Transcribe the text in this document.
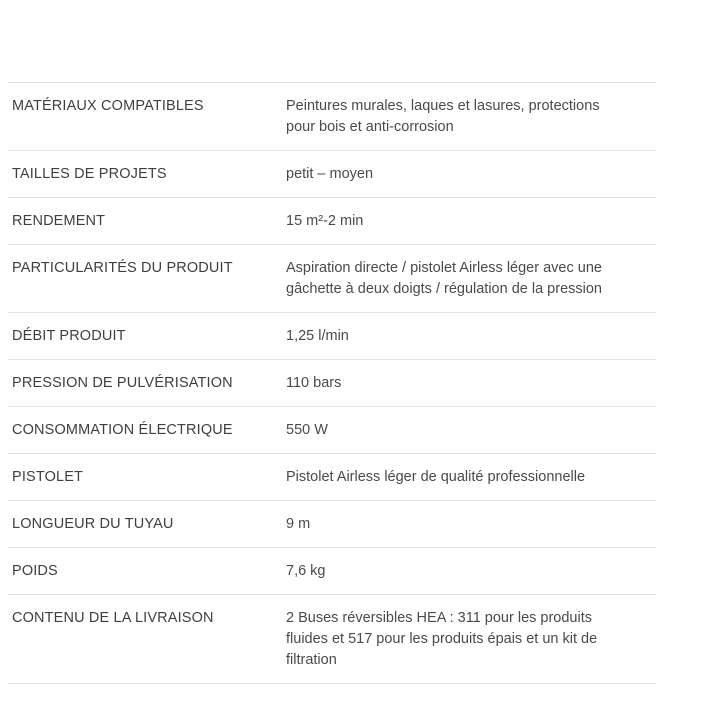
MATÉRIAUX COMPATIBLES	Peintures murales, laques et lasures, protections
pour bois et anti-corrosion

TAILLES DE PROJETS	petit – moyen

RENDEMENT	15 m²-2 min

PARTICULARITÉS DU PRODUIT	Aspiration directe / pistolet Airless léger avec une
gâchette à deux doigts / régulation de la pression

DÉBIT PRODUIT	1,25 l/min

PRESSION DE PULVÉRISATION	110 bars

CONSOMMATION ÉLECTRIQUE	550 W

PISTOLET	Pistolet Airless léger de qualité professionnelle

LONGUEUR DU TUYAU	9 m

POIDS	7,6 kg

CONTENU DE LA LIVRAISON	2 Buses réversibles HEA : 311 pour les produits
fluides et 517 pour les produits épais et un kit de
filtration
